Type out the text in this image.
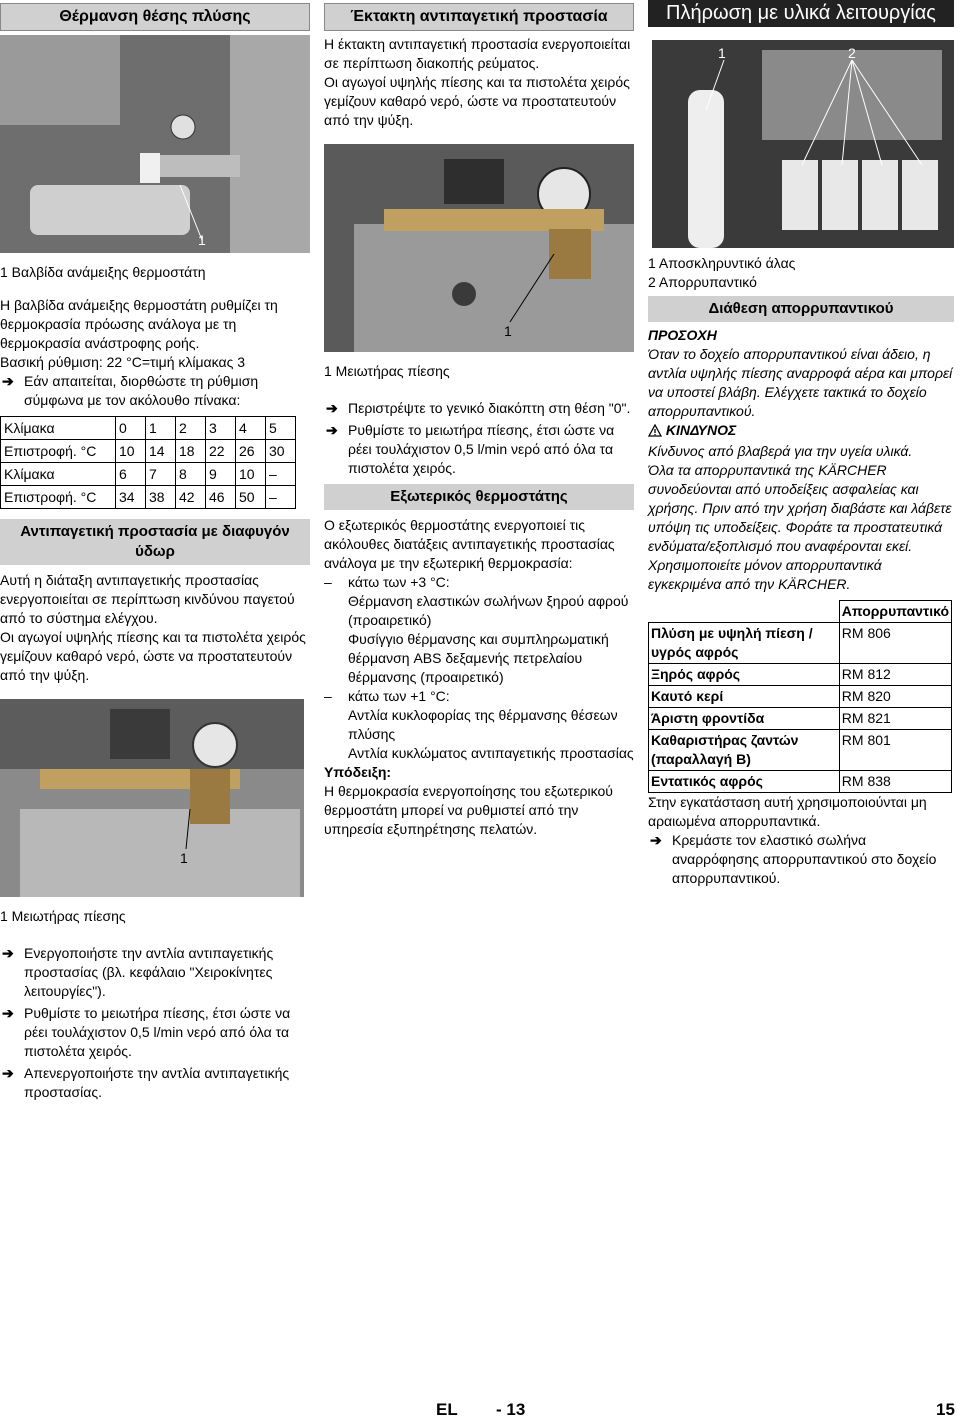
Θέρμανση θέσης πλύσης
1

1 Βαλβίδα ανάμειξης θερμοστάτη

Η βαλβίδα ανάμειξης θερμοστάτη ρυθμίζει τη θερμοκρασία πρόωσης ανάλογα με τη θερμοκρασία ανάστροφης ροής.

Βασική ρύθμιση: 22 °C=τιμή κλίμακας 3

➔ Εάν απαιτείται, διορθώστε τη ρύθμιση σύμφωνα με τον ακόλουθο πίνακα:
Κλίμακα	0	1	2	3	4	5
Επιστροφή. °C	10	14	18	22	26	30
Κλίμακα	6	7	8	9	10	–
Επιστροφή. °C	34	38	42	46	50	–
Αντιπαγετική προστασία με διαφυγόν ύδωρ

Αυτή η διάταξη αντιπαγετικής προστασίας ενεργοποιείται σε περίπτωση κινδύνου παγετού από το σύστημα ελέγχου.

Οι αγωγοί υψηλής πίεσης και τα πιστολέτα χειρός γεμίζουν καθαρό νερό, ώστε να προστατευτούν από την ψύξη.

1

1 Μειωτήρας πίεσης

➔ Ενεργοποιήστε την αντλία αντιπαγετικής προστασίας (βλ. κεφάλαιο "Χειροκίνητες λειτουργίες").
➔ Ρυθμίστε το μειωτήρα πίεσης, έτσι ώστε να ρέει τουλάχιστον 0,5 l/min νερό από όλα τα πιστολέτα χειρός.
➔ Απενεργοποιήστε την αντλία αντιπαγετικής προστασίας.
Έκτακτη αντιπαγετική προστασία

Η έκτακτη αντιπαγετική προστασία ενεργοποιείται σε περίπτωση διακοπής ρεύματος.

Οι αγωγοί υψηλής πίεσης και τα πιστολέτα χειρός γεμίζουν καθαρό νερό, ώστε να προστατευτούν από την ψύξη.

1

1 Μειωτήρας πίεσης

➔ Περιστρέψτε το γενικό διακόπτη στη θέση "0".
➔ Ρυθμίστε το μειωτήρα πίεσης, έτσι ώστε να ρέει τουλάχιστον 0,5 l/min νερό από όλα τα πιστολέτα χειρός.
Εξωτερικός θερμοστάτης

Ο εξωτερικός θερμοστάτης ενεργοποιεί τις ακόλουθες διατάξεις αντιπαγετικής προστασίας ανάλογα με την εξωτερική θερμοκρασία:

– κάτω των +3 °C:

Θέρμανση ελαστικών σωλήνων ξηρού αφρού (προαιρετικό)

Φυσίγγιο θέρμανσης και συμπληρωματική θέρμανση ABS δεξαμενής πετρελαίου θέρμανσης (προαιρετικό)

– κάτω των +1 °C:

Αντλία κυκλοφορίας της θέρμανσης θέσεων πλύσης

Αντλία κυκλώματος αντιπαγετικής προστασίας

Υπόδειξη:

Η θερμοκρασία ενεργοποίησης του εξωτερικού θερμοστάτη μπορεί να ρυθμιστεί από την υπηρεσία εξυπηρέτησης πελατών.

Πλήρωση με υλικά λειτουργίας
1	2

1 Αποσκληρυντικό άλας

2 Απορρυπαντικό

Διάθεση απορρυπαντικού

ΠΡΟΣΟΧΗ

Όταν το δοχείο απορρυπαντικού είναι άδειο, η αντλία υψηλής πίεσης αναρροφά αέρα και μπορεί να υποστεί βλάβη. Ελέγχετε τακτικά το δοχείο απορρυπαντικού.

ΚΙΝΔΥΝΟΣ

Κίνδυνος από βλαβερά για την υγεία υλικά.

Όλα τα απορρυπαντικά της KÄRCHER συνοδεύονται από υποδείξεις ασφαλείας και χρήσης. Πριν από την χρήση διαβάστε και λάβετε υπόψη τις υποδείξεις. Φοράτε τα προστατευτικά ενδύματα/εξοπλισμό που αναφέρονται εκεί.

Χρησιμοποιείτε μόνον απορρυπαντικά εγκεκριμένα από την KÄRCHER.

	Απορρυπαντικό
Πλύση με υψηλή πίεση / υγρός αφρός	RM 806
Ξηρός αφρός	RM 812
Καυτό κερί	RM 820
Άριστη φροντίδα	RM 821
Καθαριστήρας ζαντών (παραλλαγή B)	RM 801
Εντατικός αφρός	RM 838

Στην εγκατάσταση αυτή χρησιμοποιούνται μη αραιωμένα απορρυπαντικά.

➔ Κρεμάστε τον ελαστικό σωλήνα αναρρόφησης απορρυπαντικού στο δοχείο απορρυπαντικού.
EL - 13	15
